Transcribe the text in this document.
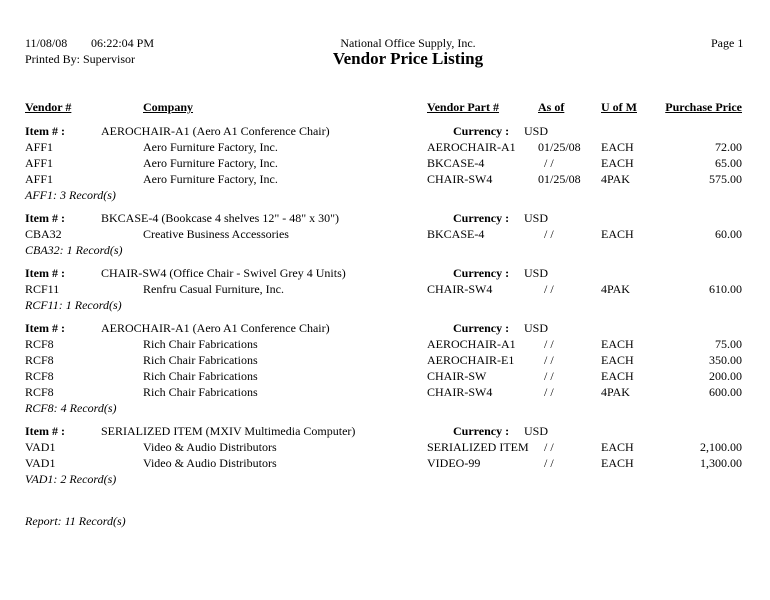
11/08/08 06:22:04 PM
Printed By: Supervisor
National Office Supply, Inc.
Vendor Price Listing
Page 1
Vendor #	Company	Vendor Part #	As of	U of M	Purchase Price
Item # :	AEROCHAIR-A1 (Aero A1 Conference Chair)	Currency : USD
AFF1	Aero Furniture Factory, Inc.	AEROCHAIR-A1 01/25/08 EACH	72.00
AFF1	Aero Furniture Factory, Inc.	BKCASE-4	/ /	EACH	65.00
AFF1	Aero Furniture Factory, Inc.	CHAIR-SW4	01/25/08 4PAK	575.00
AFF1: 3 Record(s)
Item # :	BKCASE-4 (Bookcase 4 shelves 12" - 48" x 30")	Currency : USD
CBA32	Creative Business Accessories	BKCASE-4	/ /	EACH	60.00
CBA32: 1 Record(s)
Item # :	CHAIR-SW4 (Office Chair - Swivel Grey 4 Units)	Currency : USD
RCF11	Renfru Casual Furniture, Inc.	CHAIR-SW4	/ /	4PAK	610.00
RCF11: 1 Record(s)
Item # :	AEROCHAIR-A1 (Aero A1 Conference Chair)	Currency : USD
RCF8	Rich Chair Fabrications	AEROCHAIR-A1 / /	EACH	75.00
RCF8	Rich Chair Fabrications	AEROCHAIR-E1 / /	EACH	350.00
RCF8	Rich Chair Fabrications	CHAIR-SW	/ /	EACH	200.00
RCF8	Rich Chair Fabrications	CHAIR-SW4	/ /	4PAK	600.00
RCF8: 4 Record(s)
Item # :	SERIALIZED ITEM (MXIV Multimedia Computer)	Currency : USD
VAD1	Video & Audio Distributors	SERIALIZED ITEM / /	EACH	2,100.00
VAD1	Video & Audio Distributors	VIDEO-99	/ /	EACH	1,300.00
VAD1: 2 Record(s)
Report: 11 Record(s)
